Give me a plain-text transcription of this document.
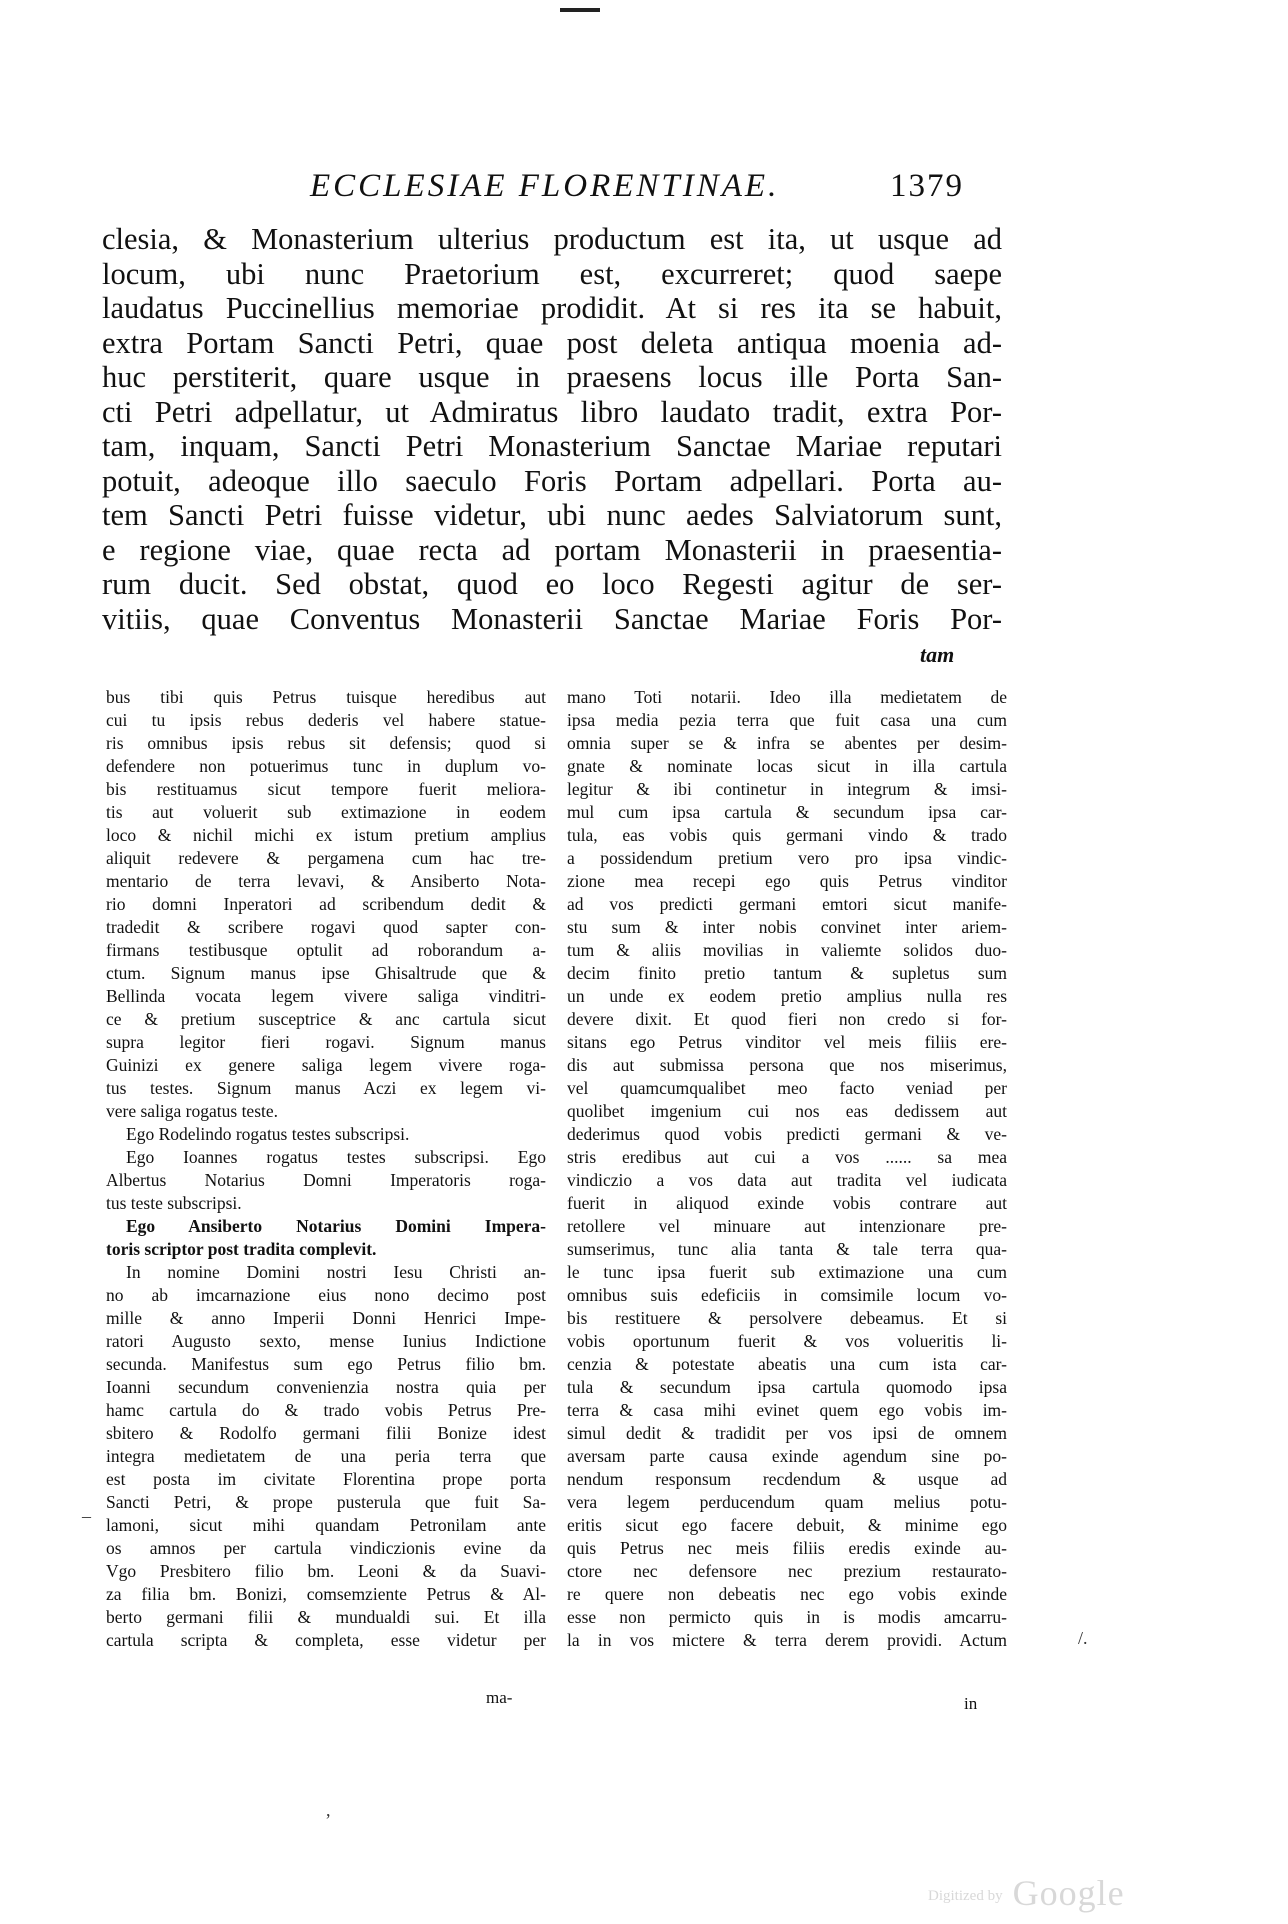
ECCLESIAE FLORENTINAE.	1379
clesia, & Monasterium ulterius productum est ita, ut usque ad
locum, ubi nunc Praetorium est, excurreret; quod saepe
laudatus Puccinellius memoriae prodidit. At si res ita se habuit,
extra Portam Sancti Petri, quae post deleta antiqua moenia ad-
huc perstiterit, quare usque in praesens locus ille Porta San-
cti Petri adpellatur, ut Admiratus libro laudato tradit, extra Por-
tam, inquam, Sancti Petri Monasterium Sanctae Mariae reputari
potuit, adeoque illo saeculo Foris Portam adpellari. Porta au-
tem Sancti Petri fuisse videtur, ubi nunc aedes Salviatorum sunt,
e regione viae, quae recta ad portam Monasterii in praesentia-
rum ducit. Sed obstat, quod eo loco Regesti agitur de ser-
vitiis, quae Conventus Monasterii Sanctae Mariae Foris Por-
tam
bus tibi quis Petrus tuisque heredibus aut
cui tu ipsis rebus dederis vel habere statue-
ris omnibus ipsis rebus sit defensis; quod si
defendere non potuerimus tunc in duplum vo-
bis restituamus sicut tempore fuerit meliora-
tis aut voluerit sub extimazione in eodem
loco & nichil michi ex istum pretium amplius
aliquit redevere & pergamena cum hac tre-
mentario de terra levavi, & Ansiberto Nota-
rio domni Inperatori ad scribendum dedit &
tradedit & scribere rogavi quod sapter con-
firmans testibusque optulit ad roborandum a-
ctum. Signum manus ipse Ghisaltrude que &
Bellinda vocata legem vivere saliga vinditri-
ce & pretium susceptrice & anc cartula sicut
supra legitor fieri rogavi. Signum manus
Guinizi ex genere saliga legem vivere roga-
tus testes. Signum manus Aczi ex legem vi-
vere saliga rogatus teste.
Ego Rodelindo rogatus testes subscripsi.
Ego Ioannes rogatus testes subscripsi. Ego
Albertus Notarius Domni Imperatoris roga-
tus teste subscripsi.
Ego Ansiberto Notarius Domini Impera-
toris scriptor post tradita complevit.
In nomine Domini nostri Iesu Christi an-
no ab imcarnazione eius nono decimo post
mille & anno Imperii Donni Henrici Impe-
ratori Augusto sexto, mense Iunius Indictione
secunda. Manifestus sum ego Petrus filio bm.
Ioanni secundum convenienzia nostra quia per
hamc cartula do & trado vobis Petrus Pre-
sbitero & Rodolfo germani filii Bonize idest
integra medietatem de una peria terra que
est posta im civitate Florentina prope porta
Sancti Petri, & prope pusterula que fuit Sa-
lamoni, sicut mihi quandam Petronilam ante
os amnos per cartula vindiczionis evine da
Vgo Presbitero filio bm. Leoni & da Suavi-
za filia bm. Bonizi, comsemziente Petrus & Al-
berto germani filii & mundualdi sui. Et illa
cartula scripta & completa, esse videtur per
ma-
mano Toti notarii. Ideo illa medietatem de
ipsa media pezia terra que fuit casa una cum
omnia super se & infra se abentes per desim-
gnate & nominate locas sicut in illa cartula
legitur & ibi continetur in integrum & imsi-
mul cum ipsa cartula & secundum ipsa car-
tula, eas vobis quis germani vindo & trado
a possidendum pretium vero pro ipsa vindic-
zione mea recepi ego quis Petrus vinditor
ad vos predicti germani emtori sicut manife-
stu sum & inter nobis convinet inter ariem-
tum & aliis movilias in valiemte solidos duo-
decim finito pretio tantum & supletus sum
un unde ex eodem pretio amplius nulla res
devere dixit. Et quod fieri non credo si for-
sitans ego Petrus vinditor vel meis filiis ere-
dis aut submissa persona que nos miserimus,
vel quamcumqualibet meo facto veniad per
quolibet imgenium cui nos eas dedissem aut
dederimus quod vobis predicti germani & ve-
stris eredibus aut cui a vos ...... sa mea
vindiczio a vos data aut tradita vel iudicata
fuerit in aliquod exinde vobis contrare aut
retollere vel minuare aut intenzionare pre-
sumserimus, tunc alia tanta & tale terra qua-
le tunc ipsa fuerit sub extimazione una cum
omnibus suis edeficiis in comsimile locum vo-
bis restituere & persolvere debeamus. Et si
vobis oportunum fuerit & vos volueritis li-
cenzia & potestate abeatis una cum ista car-
tula & secundum ipsa cartula quomodo ipsa
terra & casa mihi evinet quem ego vobis im-
simul dedit & tradidit per vos ipsi de omnem
aversam parte causa exinde agendum sine po-
nendum responsum recdendum & usque ad
vera legem perducendum quam melius potu-
eritis sicut ego facere debuit, & minime ego
quis Petrus nec meis filiis eredis exinde au-
ctore nec defensore nec prezium restaurato-
re quere non debeatis nec ego vobis exinde
esse non permicto quis in is modis amcarru-
la in vos mictere & terra derem providi. Actum
in
–
/.
,
Digitized by Google
